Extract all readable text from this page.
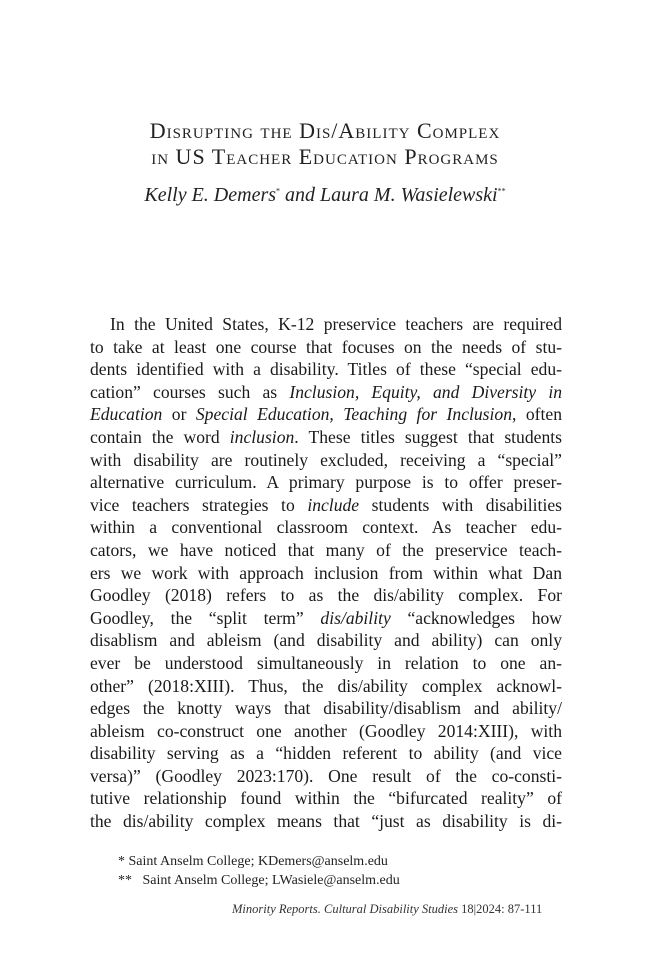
Disrupting the Dis/Ability Complex
in US Teacher Education Programs
Kelly E. Demers* and Laura M. Wasielewski**
In the United States, K-12 preservice teachers are required
to take at least one course that focuses on the needs of stu-
dents identified with a disability. Titles of these “special edu-
cation” courses such as Inclusion, Equity, and Diversity in
Education or Special Education, Teaching for Inclusion, often
contain the word inclusion. These titles suggest that students
with disability are routinely excluded, receiving a “special”
alternative curriculum. A primary purpose is to offer preser-
vice teachers strategies to include students with disabilities
within a conventional classroom context. As teacher edu-
cators, we have noticed that many of the preservice teach-
ers we work with approach inclusion from within what Dan
Goodley (2018) refers to as the dis/ability complex. For
Goodley, the “split term” dis/ability “acknowledges how
disablism and ableism (and disability and ability) can only
ever be understood simultaneously in relation to one an-
other” (2018:XIII). Thus, the dis/ability complex acknowl-
edges the knotty ways that disability/disablism and ability/
ableism co-construct one another (Goodley 2014:XIII), with
disability serving as a “hidden referent to ability (and vice
versa)” (Goodley 2023:170). One result of the co-consti-
tutive relationship found within the “bifurcated reality” of
the dis/ability complex means that “just as disability is di-
* Saint Anselm College; KDemers@anselm.edu
** Saint Anselm College; LWasiele@anselm.edu
Minority Reports. Cultural Disability Studies 18|2024: 87-111
